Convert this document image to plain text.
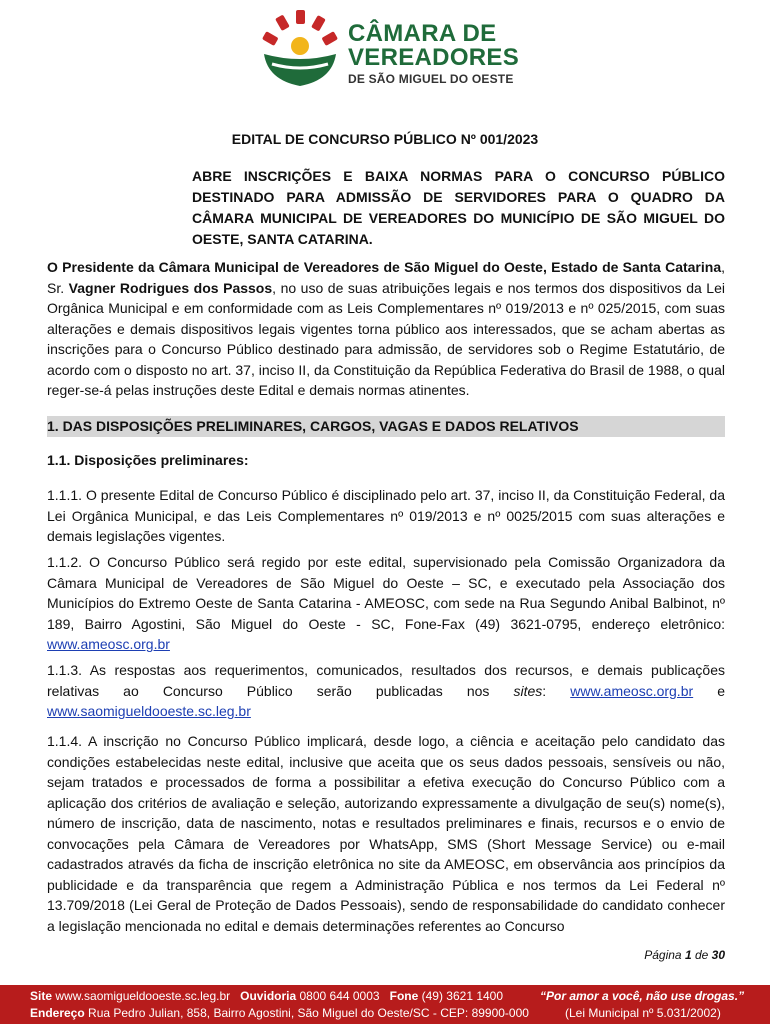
CÂMARA DE
VEREADORES
DE SÃO MIGUEL DO OESTE
EDITAL DE CONCURSO PÚBLICO Nº 001/2023
ABRE INSCRIÇÕES E BAIXA NORMAS PARA O CONCURSO PÚBLICO DESTINADO PARA ADMISSÃO DE SERVIDORES PARA O QUADRO DA CÂMARA MUNICIPAL DE VEREADORES DO MUNICÍPIO DE SÃO MIGUEL DO OESTE, SANTA CATARINA.
O Presidente da Câmara Municipal de Vereadores de São Miguel do Oeste, Estado de Santa Catarina, Sr. Vagner Rodrigues dos Passos, no uso de suas atribuições legais e nos termos dos dispositivos da Lei Orgânica Municipal e em conformidade com as Leis Complementares nº 019/2013 e nº 025/2015, com suas alterações e demais dispositivos legais vigentes torna público aos interessados, que se acham abertas as inscrições para o Concurso Público destinado para admissão, de servidores sob o Regime Estatutário, de acordo com o disposto no art. 37, inciso II, da Constituição da República Federativa do Brasil de 1988, o qual reger-se-á pelas instruções deste Edital e demais normas atinentes.
1. DAS DISPOSIÇÕES PRELIMINARES, CARGOS, VAGAS E DADOS RELATIVOS
1.1. Disposições preliminares:
1.1.1. O presente Edital de Concurso Público é disciplinado pelo art. 37, inciso II, da Constituição Federal, da Lei Orgânica Municipal, e das Leis Complementares nº 019/2013 e nº 0025/2015 com suas alterações e demais legislações vigentes.
1.1.2. O Concurso Público será regido por este edital, supervisionado pela Comissão Organizadora da Câmara Municipal de Vereadores de São Miguel do Oeste – SC, e executado pela Associação dos Municípios do Extremo Oeste de Santa Catarina - AMEOSC, com sede na Rua Segundo Anibal Balbinot, nº 189, Bairro Agostini, São Miguel do Oeste - SC, Fone-Fax (49) 3621-0795, endereço eletrônico: www.ameosc.org.br
1.1.3. As respostas aos requerimentos, comunicados, resultados dos recursos, e demais publicações relativas ao Concurso Público serão publicadas nos sites: www.ameosc.org.br e www.saomigueldooeste.sc.leg.br
1.1.4. A inscrição no Concurso Público implicará, desde logo, a ciência e aceitação pelo candidato das condições estabelecidas neste edital, inclusive que aceita que os seus dados pessoais, sensíveis ou não, sejam tratados e processados de forma a possibilitar a efetiva execução do Concurso Público com a aplicação dos critérios de avaliação e seleção, autorizando expressamente a divulgação de seu(s) nome(s), número de inscrição, data de nascimento, notas e resultados preliminares e finais, recursos e o envio de convocações pela Câmara de Vereadores por WhatsApp, SMS (Short Message Service) ou e-mail cadastrados através da ficha de inscrição eletrônica no site da AMEOSC, em observância aos princípios da publicidade e da transparência que regem a Administração Pública e nos termos da Lei Federal nº 13.709/2018 (Lei Geral de Proteção de Dados Pessoais), sendo de responsabilidade do candidato conhecer a legislação mencionada no edital e demais determinações referentes ao Concurso
Página 1 de 30
Site www.saomigueldooeste.sc.leg.br Ouvidoria 0800 644 0003 Fone (49) 3621 1400	“Por amor a você, não use drogas.”
Endereço Rua Pedro Julian, 858, Bairro Agostini, São Miguel do Oeste/SC - CEP: 89900-000	(Lei Municipal nº 5.031/2002)
